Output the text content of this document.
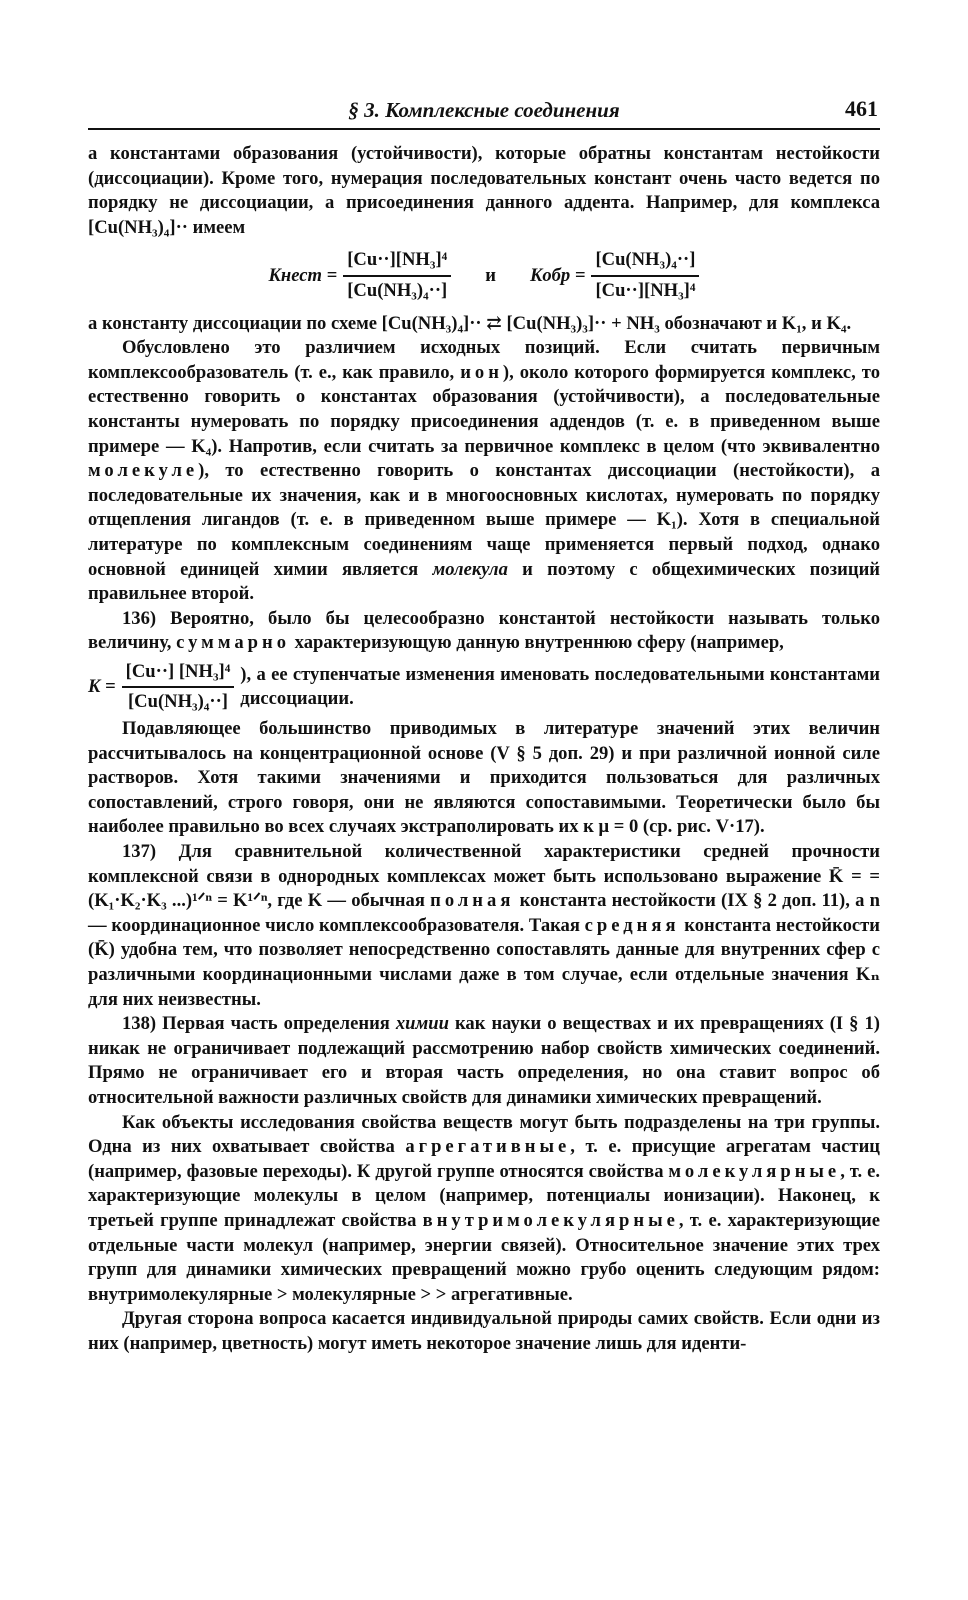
§ 3. Комплексные соединения	461

а константами образования (устойчивости), которые обратны константам нестойкости (диссоциации). Кроме того, нумерация последовательных констант очень часто ведется по порядку не диссоциации, а присоединения данного аддента. Например, для комплекса [Cu(NH₃)₄]·· имеем

Kнест = $\frac{\text{[Cu··][NH₃]⁴}}{\text{[Cu(NH₃)₄··]}}$ и Kобр = $\frac{\text{[Cu(NH₃)₄··]}}{\text{[Cu··][NH₃]⁴}}$

а константу диссоциации по схеме [Cu(NH₃)₄]·· ⇄ [Cu(NH₃)₃]·· + NH₃ обозначают и K₁, и K₄.

Обусловлено это различием исходных позиций. Если считать первичным комплексообразователь (т. е., как правило, ион), около которого формируется комплекс, то естественно говорить о константах образования (устойчивости), а последовательные константы нумеровать по порядку присоединения аддендов (т. е. в приведенном выше примере — K₄). Напротив, если считать за первичное комплекс в целом (что эквивалентно молекуле), то естественно говорить о константах диссоциации (нестойкости), а последовательные их значения, как и в многоосновных кислотах, нумеровать по порядку отщепления лигандов (т. е. в приведенном выше примере — K₁). Хотя в специальной литературе по комплексным соединениям чаще применяется первый подход, однако основной единицей химии является молекула и поэтому с общехимических позиций правильнее второй.

136) Вероятно, было бы целесообразно константой нестойкости называть только величину, суммарно характеризующую данную внутреннюю сферу (например,

$K = \frac{\text{[Cu··] [NH₃]⁴}}{\text{[Cu(NH₃)₄··]}}$ ), а ее ступенчатые изменения именовать последовательными константами диссоциации.

Подавляющее большинство приводимых в литературе значений этих величин рассчитывалось на концентрационной основе (V § 5 доп. 29) и при различной ионной силе растворов. Хотя такими значениями и приходится пользоваться для различных сопоставлений, строго говоря, они не являются сопоставимыми. Теоретически было бы наиболее правильно во всех случаях экстраполировать их к μ = 0 (ср. рис. V·17).

137) Для сравнительной количественной характеристики средней прочности комплексной связи в однородных комплексах может быть использовано выражение K̄ = = (K₁·K₂·K₃ ...)¹ᐟⁿ = K¹ᐟⁿ, где K — обычная полная константа нестойкости (IX § 2 доп. 11), а n — координационное число комплексообразователя. Такая средняя константа нестойкости (K̄) удобна тем, что позволяет непосредственно сопоставлять данные для внутренних сфер с различными координационными числами даже в том случае, если отдельные значения Kₙ для них неизвестны.

138) Первая часть определения химии как науки о веществах и их превращениях (I § 1) никак не ограничивает подлежащий рассмотрению набор свойств химических соединений. Прямо не ограничивает его и вторая часть определения, но она ставит вопрос об относительной важности различных свойств для динамики химических превращений.

Как объекты исследования свойства веществ могут быть подразделены на три группы. Одна из них охватывает свойства агрегативные, т. е. присущие агрегатам частиц (например, фазовые переходы). К другой группе относятся свойства молекулярные, т. е. характеризующие молекулы в целом (например, потенциалы ионизации). Наконец, к третьей группе принадлежат свойства внутримолекулярные, т. е. характеризующие отдельные части молекул (например, энергии связей). Относительное значение этих трех групп для динамики химических превращений можно грубо оценить следующим рядом: внутримолекулярные > молекулярные > > агрегативные.

Другая сторона вопроса касается индивидуальной природы самих свойств. Если одни из них (например, цветность) могут иметь некоторое значение лишь для иденти-
